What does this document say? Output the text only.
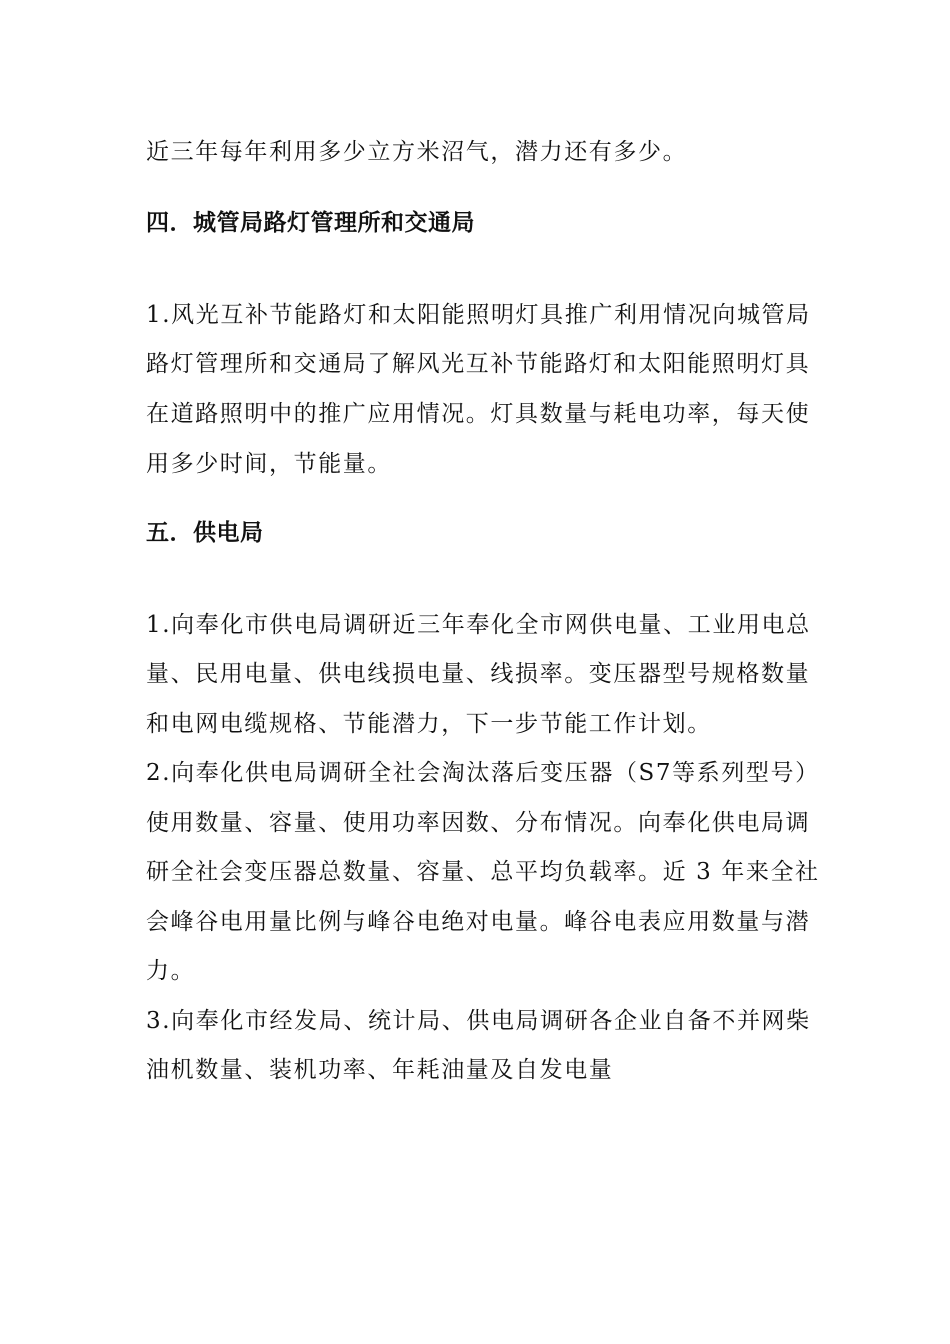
近三年每年利用多少立方米沼气，潜力还有多少。
四．城管局路灯管理所和交通局
1.风光互补节能路灯和太阳能照明灯具推广利用情况向城管局
路灯管理所和交通局了解风光互补节能路灯和太阳能照明灯具
在道路照明中的推广应用情况。灯具数量与耗电功率，每天使
用多少时间，节能量。
五．供电局
1.向奉化市供电局调研近三年奉化全市网供电量、工业用电总
量、民用电量、供电线损电量、线损率。变压器型号规格数量
和电网电缆规格、节能潜力，下一步节能工作计划。
2.向奉化供电局调研全社会淘汰落后变压器（S7等系列型号）
使用数量、容量、使用功率因数、分布情况。向奉化供电局调
研全社会变压器总数量、容量、总平均负载率。近 3 年来全社
会峰谷电用量比例与峰谷电绝对电量。峰谷电表应用数量与潜
力。
3.向奉化市经发局、统计局、供电局调研各企业自备不并网柴
油机数量、装机功率、年耗油量及自发电量
